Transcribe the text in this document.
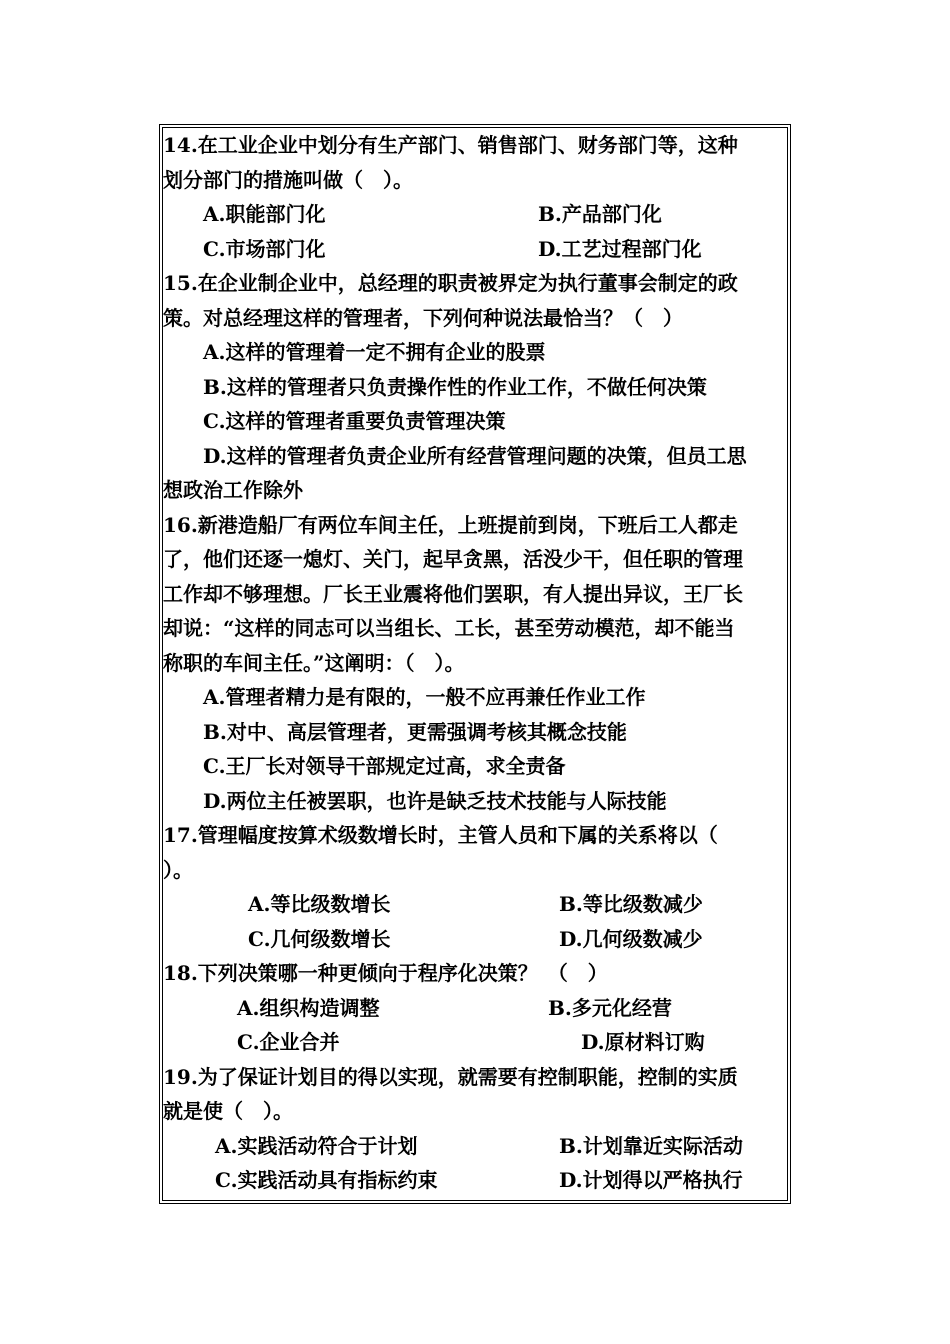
14.在工业企业中划分有生产部门、销售部门、财务部门等，这种
划分部门的措施叫做（　）。
A.职能部门化	B.产品部门化
C.市场部门化	D.工艺过程部门化
15.在企业制企业中，总经理的职责被界定为执行董事会制定的政
策。对总经理这样的管理者，下列何种说法最恰当？（　）
A.这样的管理着一定不拥有企业的股票
B.这样的管理者只负责操作性的作业工作，不做任何决策
C.这样的管理者重要负责管理决策
D.这样的管理者负责企业所有经营管理问题的决策，但员工思
想政治工作除外
16.新港造船厂有两位车间主任，上班提前到岗，下班后工人都走
了，他们还逐一熄灯、关门，起早贪黑，活没少干，但任职的管理
工作却不够理想。厂长王业震将他们罢职，有人提出异议，王厂长
却说：“这样的同志可以当组长、工长，甚至劳动模范，却不能当
称职的车间主任。”这阐明：（　）。
A.管理者精力是有限的，一般不应再兼任作业工作
B.对中、高层管理者，更需强调考核其概念技能
C.王厂长对领导干部规定过高，求全责备
D.两位主任被罢职，也许是缺乏技术技能与人际技能
17.管理幅度按算术级数增长时，主管人员和下属的关系将以（
）。
A.等比级数增长	B.等比级数减少
C.几何级数增长	D.几何级数减少
18.下列决策哪一种更倾向于程序化决策？　（　）
A.组织构造调整	B.多元化经营
C.企业合并	D.原材料订购
19.为了保证计划目的得以实现，就需要有控制职能，控制的实质
就是使（　）。
A.实践活动符合于计划	B.计划靠近实际活动
C.实践活动具有指标约束	D.计划得以严格执行
